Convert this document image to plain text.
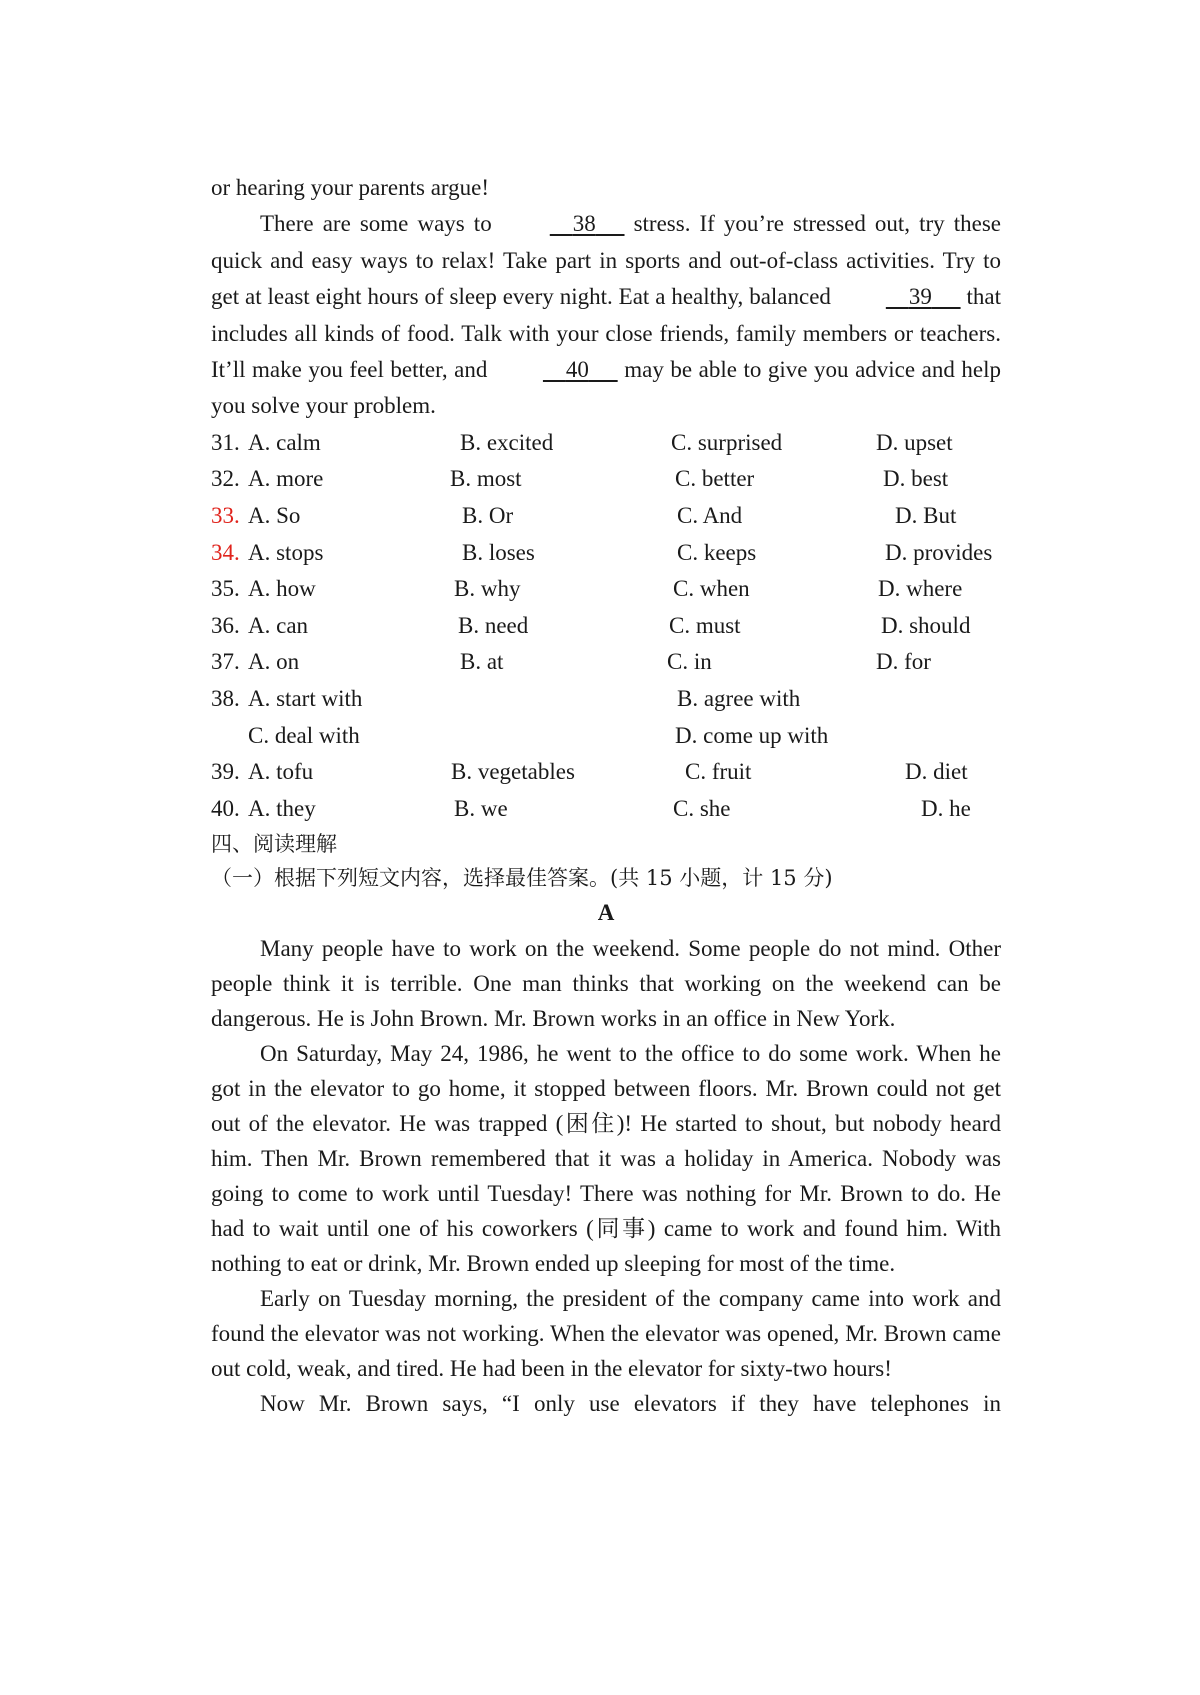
or hearing your parents argue!

There are some ways to	38      stress. If you’re stressed out, try these quick and easy ways to relax! Take part in sports and out-of-class activities. Try to get at least eight hours of sleep every night. Eat a healthy, balanced	39      that includes all kinds of food. Talk with your close friends, family members or teachers. It’ll make you feel better, and	40      may be able to give you advice and help you solve your problem.

31. A. calm	B. excited	C. surprised	D. upset
32. A. more	B. most	C. better	D. best
33. A. So	B. Or	C. And	D. But
34. A. stops	B. loses	C. keeps	D. provides
35. A. how	B. why	C. when	D. where
36. A. can	B. need	C. must	D. should
37. A. on	B. at	C. in	D. for
38. A. start with	B. agree with
C. deal with	D. come up with
39. A. tofu	B. vegetables	C. fruit	D. diet
40. A. they	B. we	C. she	D. he
四、阅读理解
（一）根据下列短文内容，选择最佳答案。(共 15 小题，计 15 分)
A

Many people have to work on the weekend. Some people do not mind. Other people think it is terrible. One man thinks that working on the weekend can be dangerous. He is John Brown. Mr. Brown works in an office in New York.

On Saturday, May 24, 1986, he went to the office to do some work. When he got in the elevator to go home, it stopped between floors. Mr. Brown could not get out of the elevator. He was trapped (困住)! He started to shout, but nobody heard him. Then Mr. Brown remembered that it was a holiday in America. Nobody was going to come to work until Tuesday! There was nothing for Mr. Brown to do. He had to wait until one of his coworkers (同事) came to work and found him. With nothing to eat or drink, Mr. Brown ended up sleeping for most of the time.

Early on Tuesday morning, the president of the company came into work and found the elevator was not working. When the elevator was opened, Mr. Brown came out cold, weak, and tired. He had been in the elevator for sixty-two hours!

Now Mr. Brown says, “I only use elevators if they have telephones in
